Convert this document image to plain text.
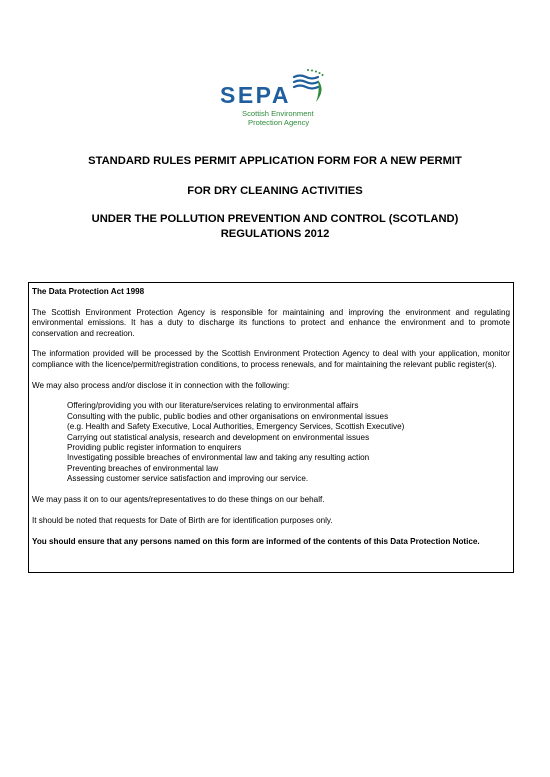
SEPA
Scottish Environment
Protection Agency
STANDARD RULES PERMIT APPLICATION FORM FOR A NEW PERMIT
FOR DRY CLEANING ACTIVITIES
UNDER THE POLLUTION PREVENTION AND CONTROL (SCOTLAND)
REGULATIONS 2012

The Data Protection Act 1998

The Scottish Environment Protection Agency is responsible for maintaining and improving the environment and regulating environmental emissions. It has a duty to discharge its functions to protect and enhance the environment and to promote conservation and recreation.

The information provided will be processed by the Scottish Environment Protection Agency to deal with your application, monitor compliance with the licence/permit/registration conditions, to process renewals, and for maintaining the relevant public register(s).

We may also process and/or disclose it in connection with the following:

Offering/providing you with our literature/services relating to environmental affairs
Consulting with the public, public bodies and other organisations on environmental issues
(e.g. Health and Safety Executive, Local Authorities, Emergency Services, Scottish Executive)
Carrying out statistical analysis, research and development on environmental issues
Providing public register information to enquirers
Investigating possible breaches of environmental law and taking any resulting action
Preventing breaches of environmental law
Assessing customer service satisfaction and improving our service.

We may pass it on to our agents/representatives to do these things on our behalf.

It should be noted that requests for Date of Birth are for identification purposes only.

You should ensure that any persons named on this form are informed of the contents of this Data Protection Notice.
